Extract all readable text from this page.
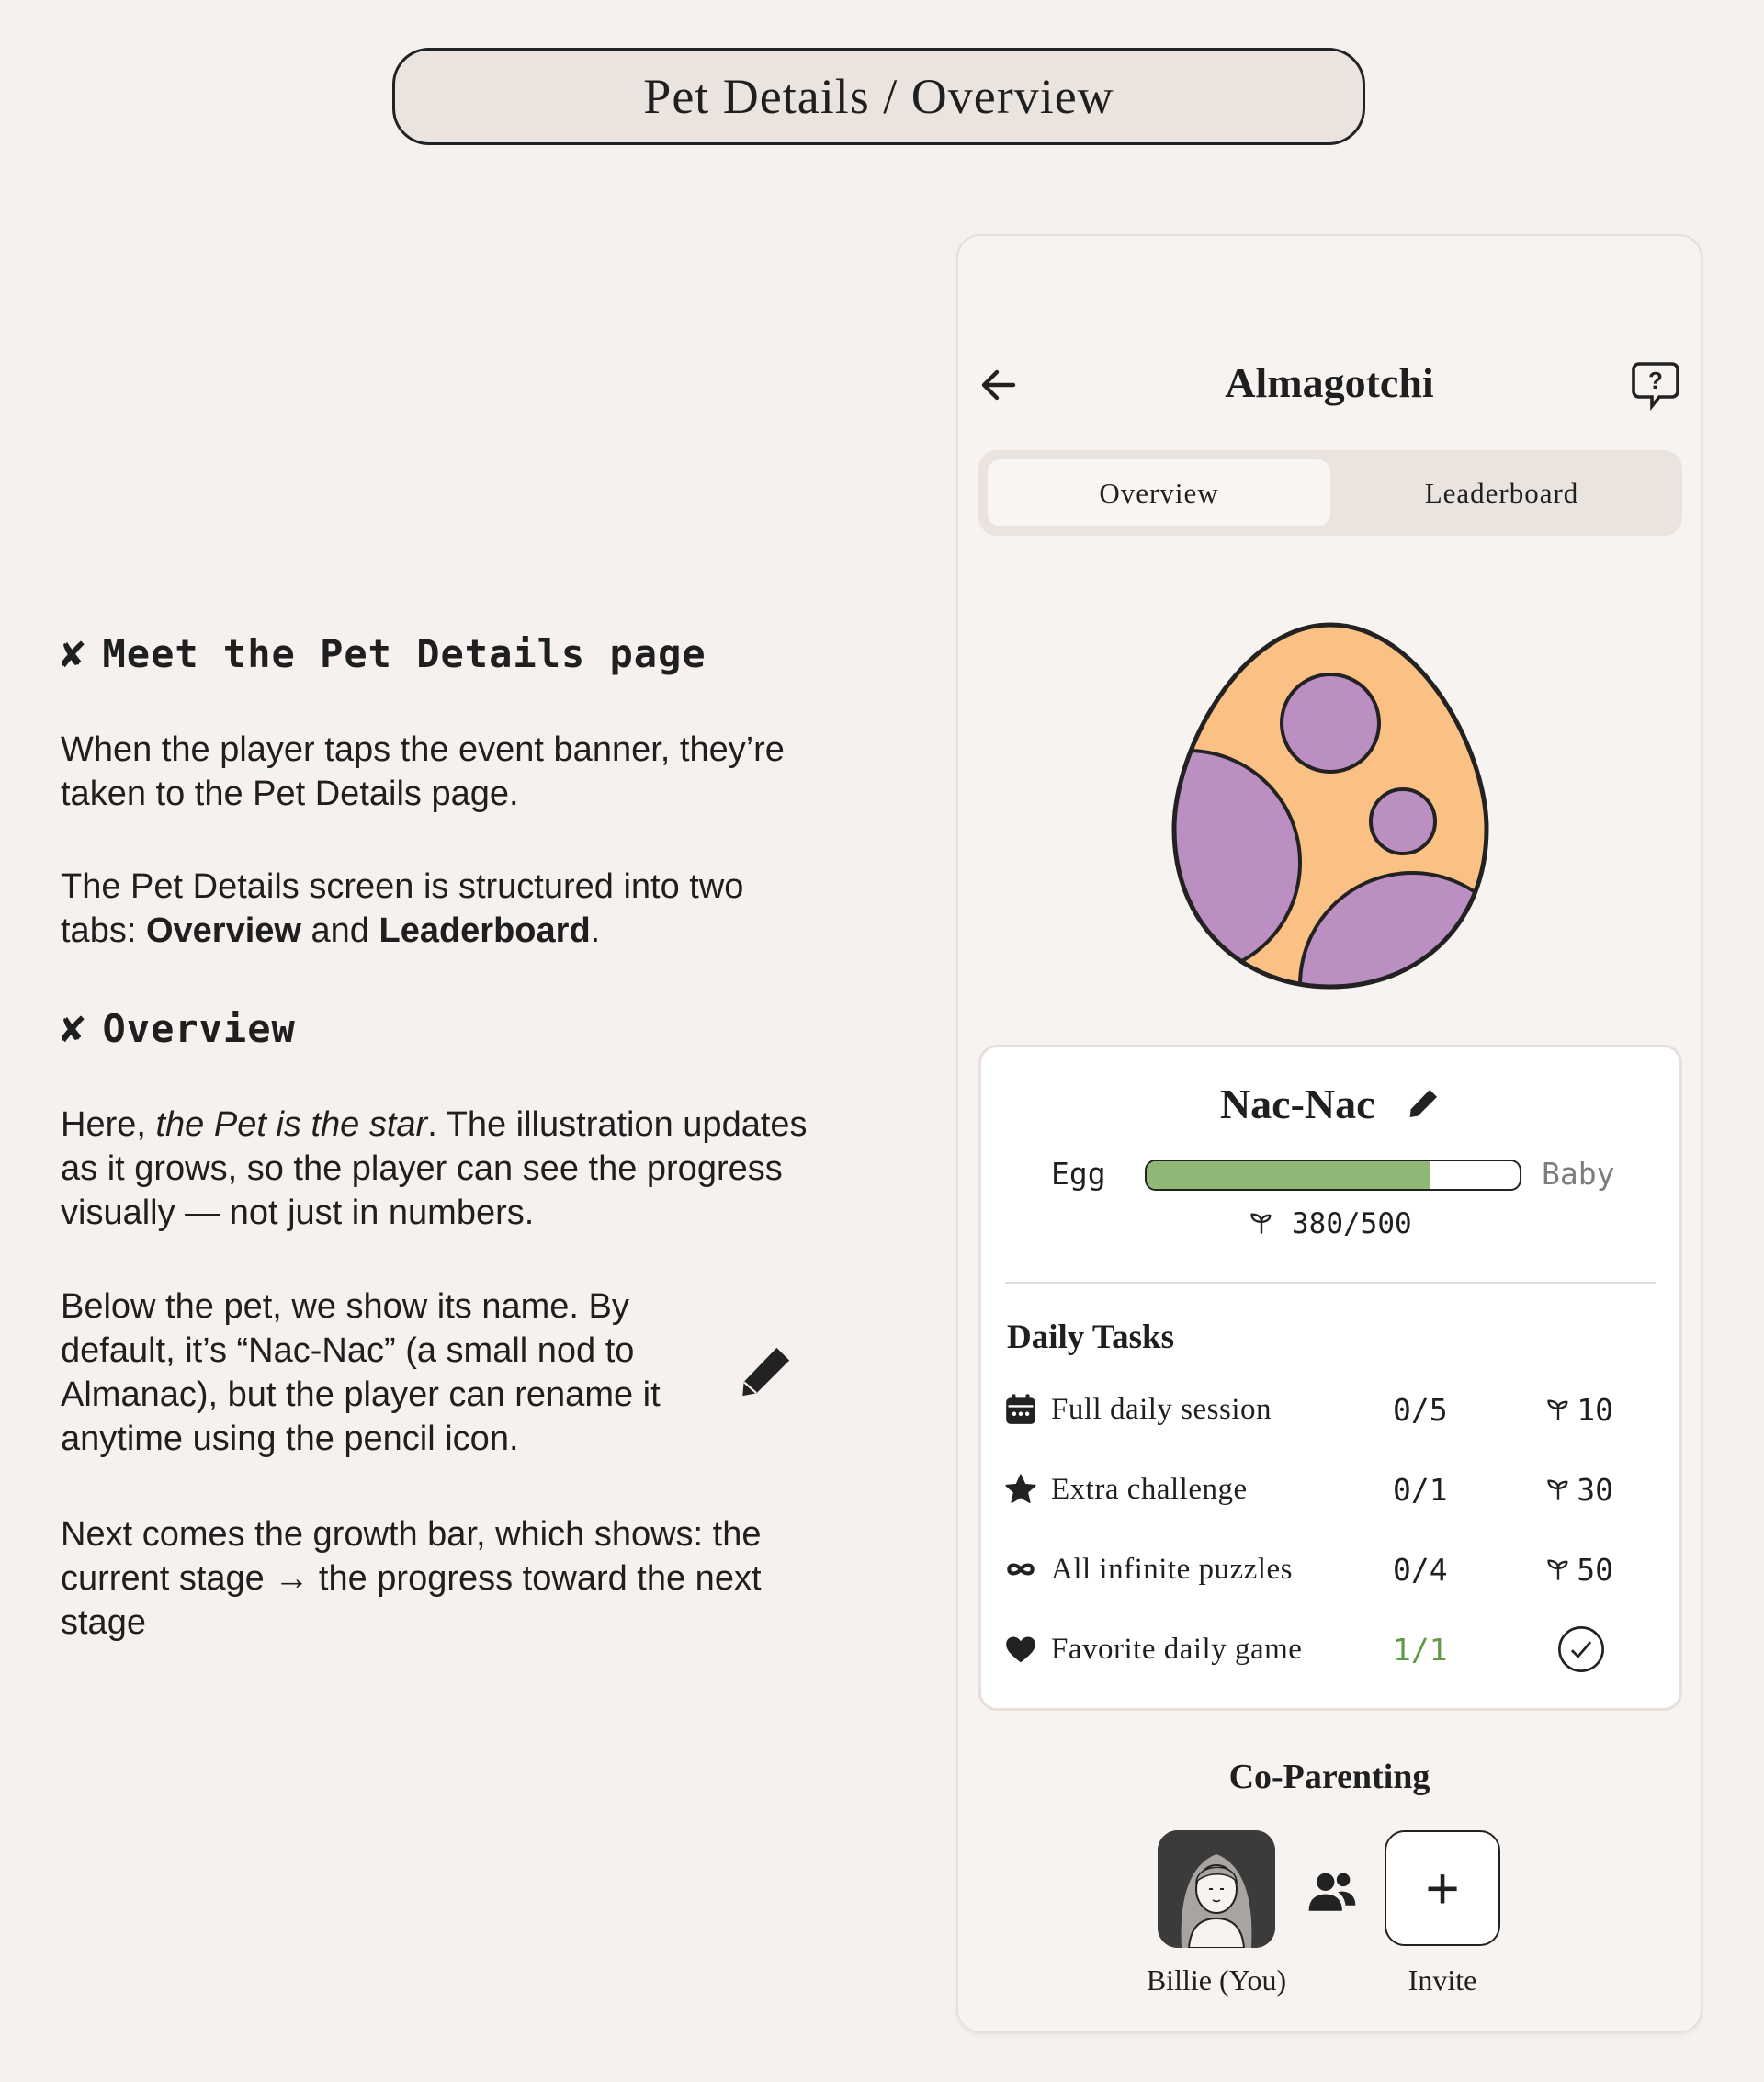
Pet Details / Overview
✘ Meet the Pet Details page
When the player taps the event banner, they’re taken to the Pet Details page.
The Pet Details screen is structured into two tabs: Overview and Leaderboard.
✘ Overview
Here, the Pet is the star. The illustration updates as it grows, so the player can see the progress visually — not just in numbers.
Below the pet, we show its name. By default, it’s “Nac-Nac” (a small nod to Almanac), but the player can rename it anytime using the pencil icon.
Next comes the growth bar, which shows: the current stage → the progress toward the next stage
Almagotchi	?
Overview	Leaderboard
Nac-Nac
Egg	Baby
380/500
Daily Tasks
Full daily session	0/5	10
Extra challenge	0/1	30
All infinite puzzles	0/4	50
Favorite daily game	1/1
Co-Parenting
+
Billie (You)	Invite
